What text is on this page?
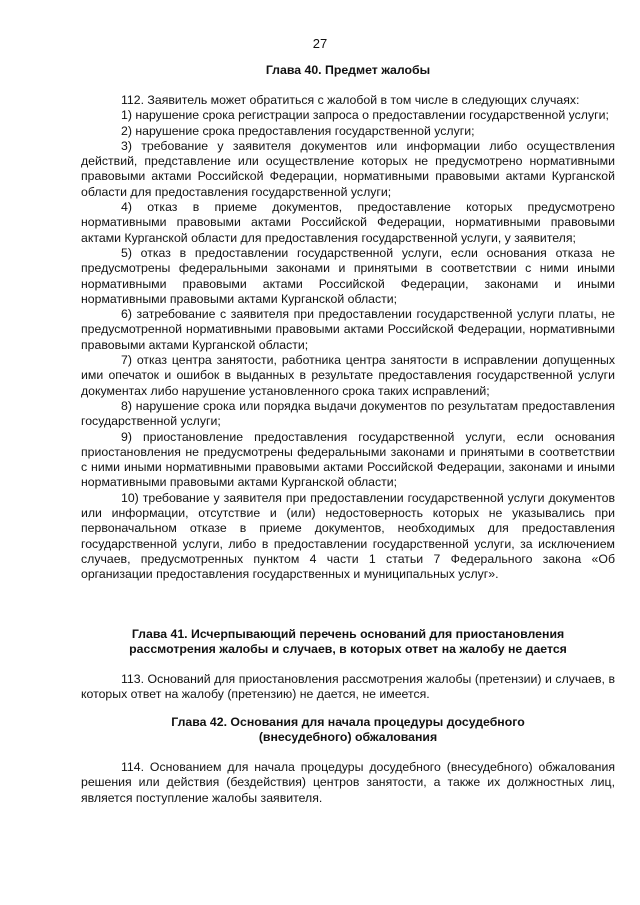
27
Глава 40. Предмет жалобы

112. Заявитель может обратиться с жалобой в том числе в следующих случаях:

1) нарушение срока регистрации запроса о предоставлении государственной услуги;

2) нарушение срока предоставления государственной услуги;

3) требование у заявителя документов или информации либо осуществления действий, представление или осуществление которых не предусмотрено нормативными правовыми актами Российской Федерации, нормативными правовыми актами Курганской области для предоставления государственной услуги;

4) отказ в приеме документов, предоставление которых предусмотрено нормативными правовыми актами Российской Федерации, нормативными правовыми актами Курганской области для предоставления государственной услуги, у заявителя;

5) отказ в предоставлении государственной услуги, если основания отказа не предусмотрены федеральными законами и принятыми в соответствии с ними иными нормативными правовыми актами Российской Федерации, законами и иными нормативными правовыми актами Курганской области;

6) затребование с заявителя при предоставлении государственной услуги платы, не предусмотренной нормативными правовыми актами Российской Федерации, нормативными правовыми актами Курганской области;

7) отказ центра занятости, работника центра занятости в исправлении допущенных ими опечаток и ошибок в выданных в результате предоставления государственной услуги документах либо нарушение установленного срока таких исправлений;

8) нарушение срока или порядка выдачи документов по результатам предоставления государственной услуги;

9) приостановление предоставления государственной услуги, если основания приостановления не предусмотрены федеральными законами и принятыми в соответствии с ними иными нормативными правовыми актами Российской Федерации, законами и иными нормативными правовыми актами Курганской области;

10) требование у заявителя при предоставлении государственной услуги документов или информации, отсутствие и (или) недостоверность которых не указывались при первоначальном отказе в приеме документов, необходимых для предоставления государственной услуги, либо в предоставлении государственной услуги, за исключением случаев, предусмотренных пунктом 4 части 1 статьи 7 Федерального закона «Об организации предоставления государственных и муниципальных услуг».

Глава 41. Исчерпывающий перечень оснований для приостановления
рассмотрения жалобы и случаев, в которых ответ на жалобу не дается

113. Оснований для приостановления рассмотрения жалобы (претензии) и случаев, в которых ответ на жалобу (претензию) не дается, не имеется.

Глава 42. Основания для начала процедуры досудебного
(внесудебного) обжалования

114. Основанием для начала процедуры досудебного (внесудебного) обжалования решения или действия (бездействия) центров занятости, а также их должностных лиц, является поступление жалобы заявителя.
